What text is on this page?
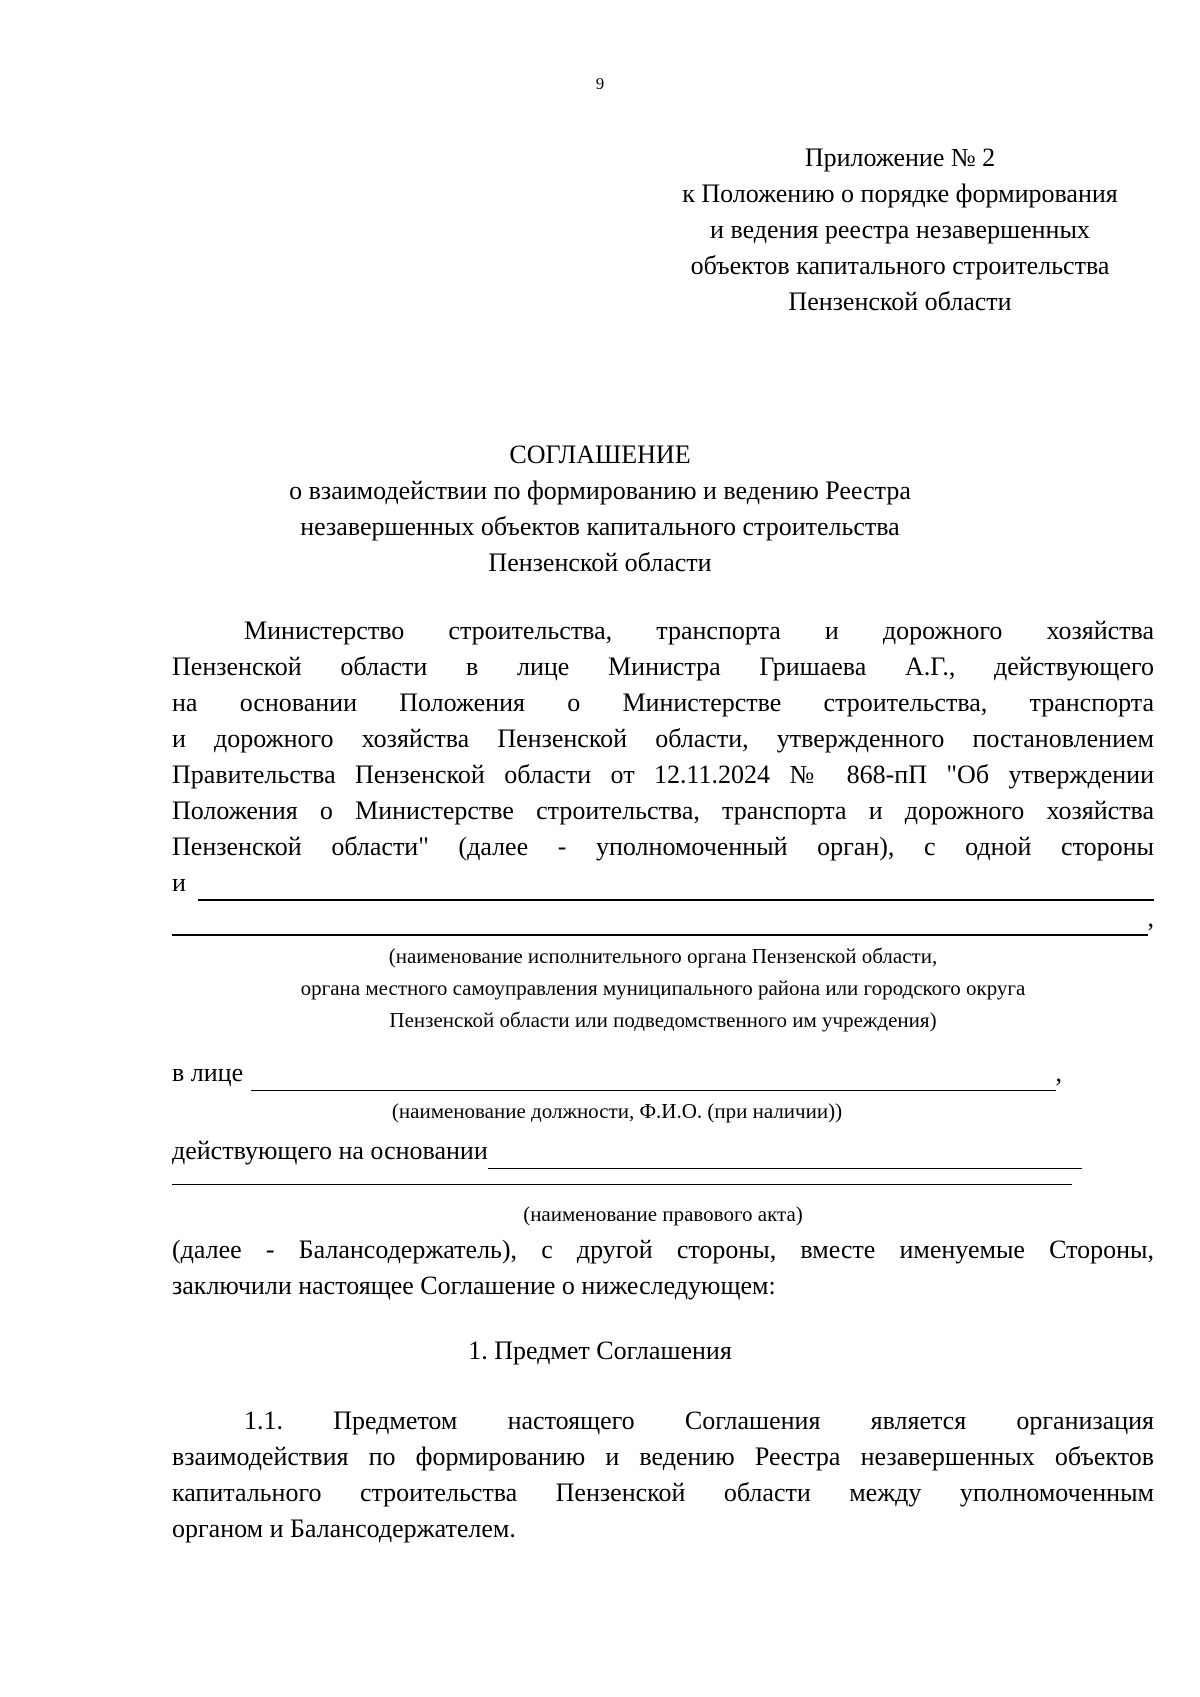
9
Приложение № 2
к Положению о порядке формирования
и ведения реестра незавершенных
объектов капитального строительства
Пензенской области
СОГЛАШЕНИЕ
о взаимодействии по формированию и ведению Реестра
незавершенных объектов капитального строительства
Пензенской области
Министерство строительства, транспорта и дорожного хозяйства
Пензенской области в лице Министра Гришаева А.Г., действующего
на основании Положения о Министерстве строительства, транспорта
и дорожного хозяйства Пензенской области, утвержденного постановлением
Правительства Пензенской области от 12.11.2024 № 868-пП "Об утверждении
Положения о Министерстве строительства, транспорта и дорожного хозяйства
Пензенской области" (далее - уполномоченный орган), с одной стороны
и
,
(наименование исполнительного органа Пензенской области,
органа местного самоуправления муниципального района или городского округа
Пензенской области или подведомственного им учреждения)
в лице	,
(наименование должности, Ф.И.О. (при наличии))
действующего на основании
(наименование правового акта)
(далее - Балансодержатель), с другой стороны, вместе именуемые Стороны,
заключили настоящее Соглашение о нижеследующем:
1. Предмет Соглашения
1.1. Предметом настоящего Соглашения является организация
взаимодействия по формированию и ведению Реестра незавершенных объектов
капитального строительства Пензенской области между уполномоченным
органом и Балансодержателем.
